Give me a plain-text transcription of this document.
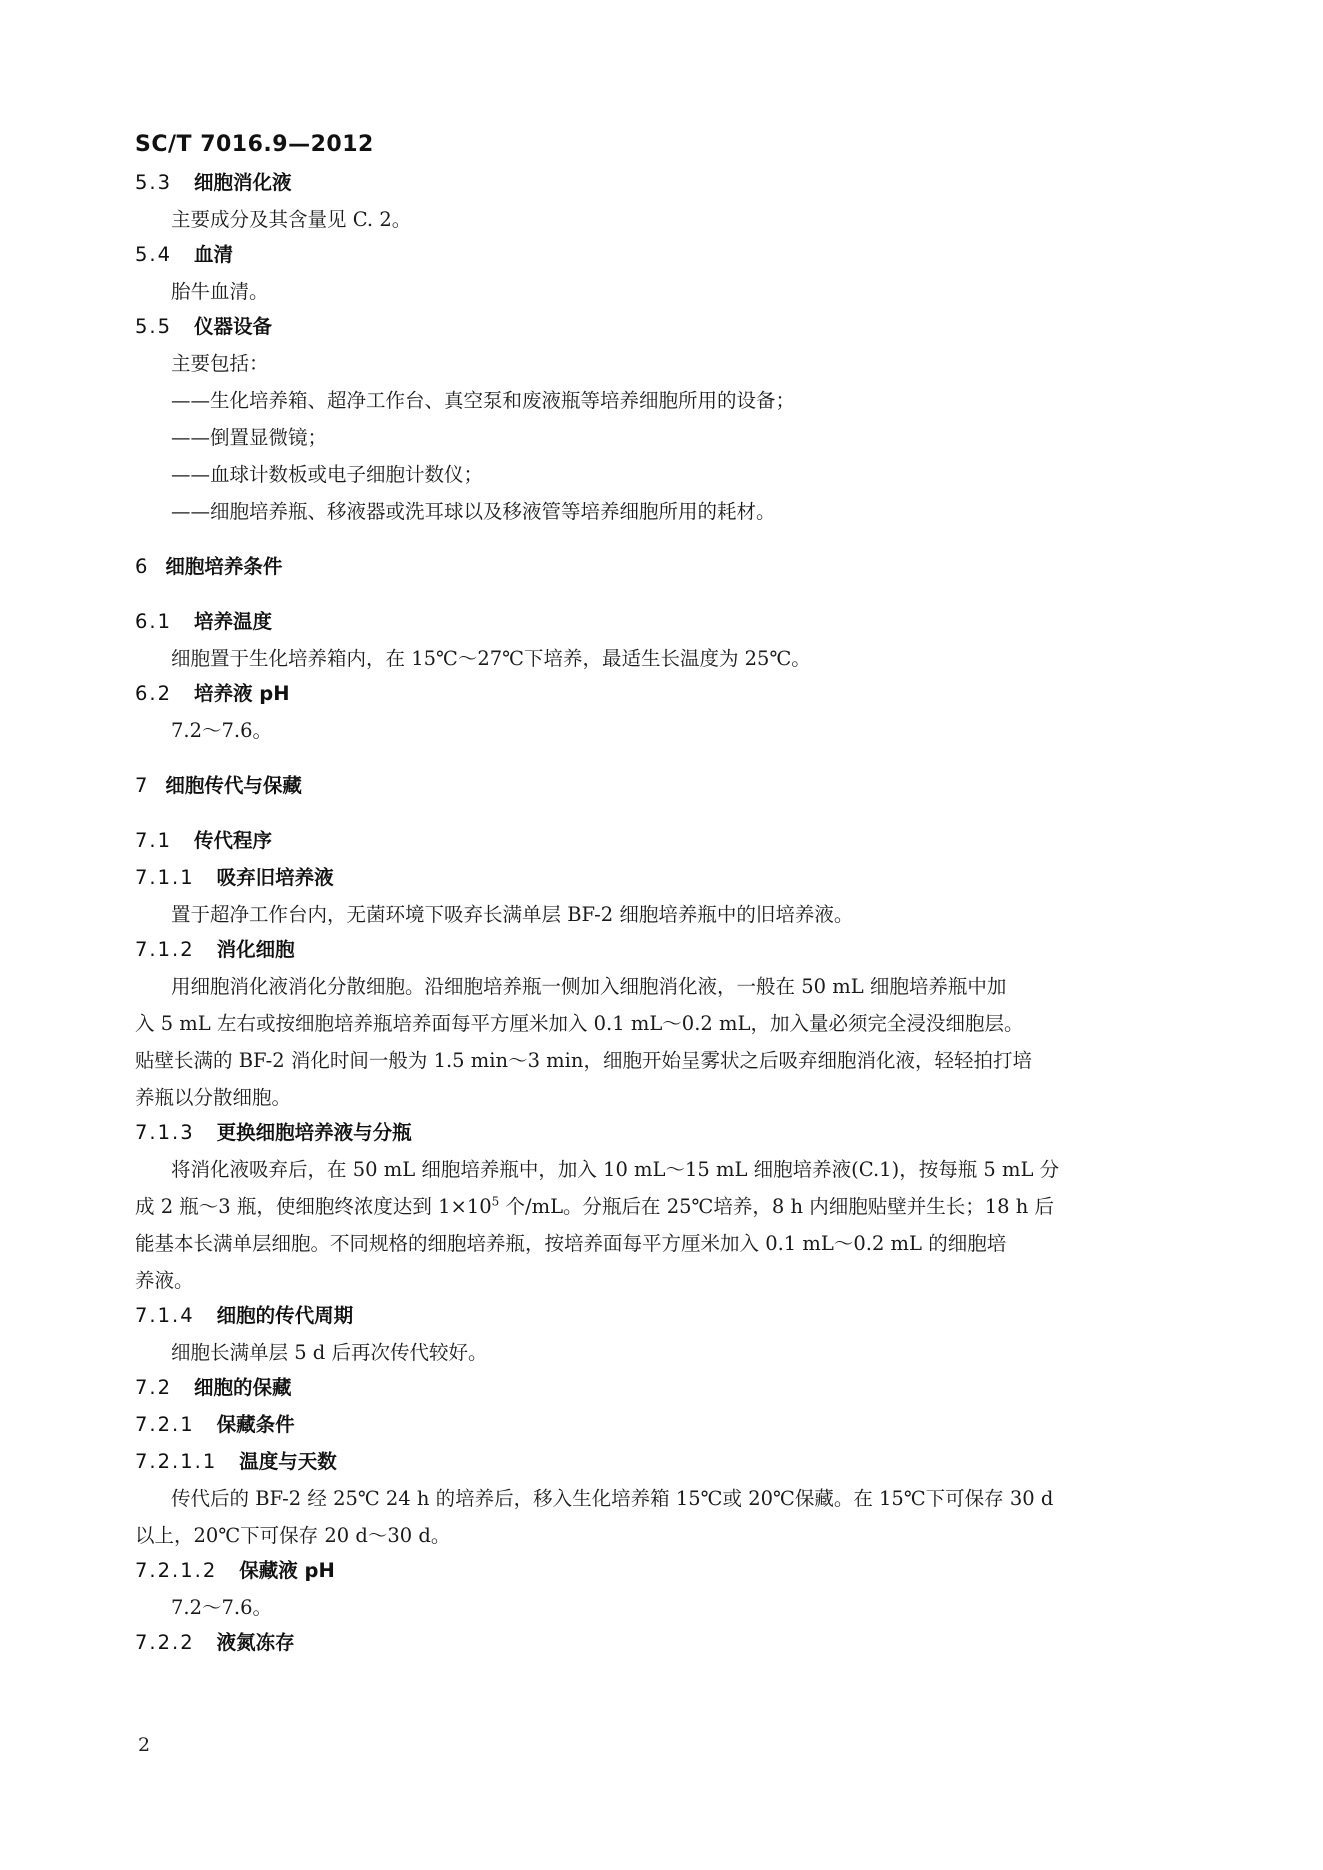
SC/T 7016.9—2012
5.3 细胞消化液
主要成分及其含量见 C. 2。
5.4 血清
胎牛血清。
5.5 仪器设备
主要包括：
——生化培养箱、超净工作台、真空泵和废液瓶等培养细胞所用的设备；
——倒置显微镜；
——血球计数板或电子细胞计数仪；
——细胞培养瓶、移液器或洗耳球以及移液管等培养细胞所用的耗材。
6 细胞培养条件
6.1 培养温度
细胞置于生化培养箱内，在 15℃～27℃下培养，最适生长温度为 25℃。
6.2 培养液 pH
7.2～7.6。
7 细胞传代与保藏
7.1 传代程序
7.1.1 吸弃旧培养液
置于超净工作台内，无菌环境下吸弃长满单层 BF-2 细胞培养瓶中的旧培养液。
7.1.2 消化细胞
用细胞消化液消化分散细胞。沿细胞培养瓶一侧加入细胞消化液，一般在 50 mL 细胞培养瓶中加
入 5 mL 左右或按细胞培养瓶培养面每平方厘米加入 0.1 mL～0.2 mL，加入量必须完全浸没细胞层。
贴壁长满的 BF-2 消化时间一般为 1.5 min～3 min，细胞开始呈雾状之后吸弃细胞消化液，轻轻拍打培
养瓶以分散细胞。
7.1.3 更换细胞培养液与分瓶
将消化液吸弃后，在 50 mL 细胞培养瓶中，加入 10 mL～15 mL 细胞培养液(C.1)，按每瓶 5 mL 分
成 2 瓶～3 瓶，使细胞终浓度达到 $1\times 10^5$ 个/mL。分瓶后在 25℃培养，8 h 内细胞贴壁并生长；18 h 后
能基本长满单层细胞。不同规格的细胞培养瓶，按培养面每平方厘米加入 0.1 mL～0.2 mL 的细胞培
养液。
7.1.4 细胞的传代周期
细胞长满单层 5 d 后再次传代较好。
7.2 细胞的保藏
7.2.1 保藏条件
7.2.1.1 温度与天数
传代后的 BF-2 经 25℃ 24 h 的培养后，移入生化培养箱 15℃或 20℃保藏。在 15℃下可保存 30 d
以上，20℃下可保存 20 d～30 d。
7.2.1.2 保藏液 pH
7.2～7.6。
7.2.2 液氮冻存
2
